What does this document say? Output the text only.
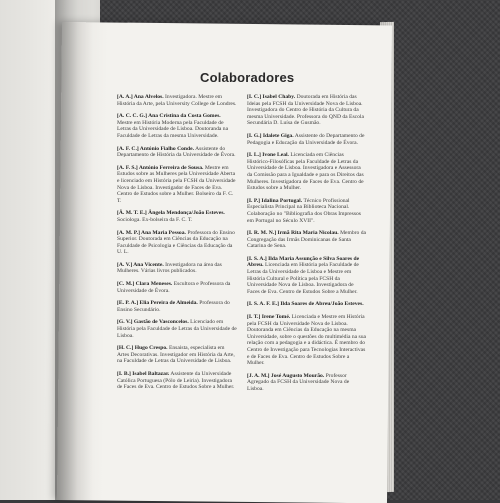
Colaboradores
[A. A.] Ana Alvelos. Investigadora. Mestre em História da Arte, pela University College de Londres.
[A. C. C. G.] Ana Cristina da Costa Gomes. Mestre em História Moderna pela Faculdade de Letras da Universidade de Lisboa. Doutoranda na Faculdade de Letras da mesma Universidade.
[A. F. C.] António Fialho Conde. Assistente do Departamento de História da Universidade de Évora.
[A. F. S.] António Ferreira de Sousa. Mestre em Estudos sobre as Mulheres pela Universidade Aberta e licenciado em História pela FCSH da Universidade Nova de Lisboa. Investigador de Faces de Eva. Centro de Estudos sobre a Mulher. Bolseiro da F. C. T.
[Â. M. T. E.] Ângela Mendonça/João Esteves. Sociologa. Ex-bolseira da F. C. T.
[A. M. P.] Ana Maria Pessoa. Professora do Ensino Superior. Doutorada em Ciências da Educação na Faculdade de Psicologia e Ciências da Educação da U. L.
[A. V.] Ana Vicente. Investigadora na área das Mulheres. Várias livros publicados.
[C. M.] Clara Meneses. Escultora e Professora da Universidade de Évora.
[E. P. A.] Elia Pereira de Almeida. Professora do Ensino Secundário.
[G. V.] Gastão de Vasconcelos. Licenciado em História pela Faculdade de Letras da Universidade de Lisboa.
[H. C.] Hugo Crespo. Ensaista, especialista em Artes Decorativas. Investigador em História da Arte, na Faculdade de Letras da Universidade de Lisboa.
[I. B.] Isabel Baltazar. Assistente da Universidade Católica Portuguesa (Pólo de Leiria). Investigadora de Faces de Eva. Centro de Estudos Sobre a Mulher.
[I. C.] Isabel Chaby. Doutorada em História das Ideias pela FCSH da Universidade Nova de Lisboa. Investigadora do Centro de História da Cultura da mesma Universidade. Professora do QND da Escola Secundária D. Luísa de Gusmão.
[I. G.] Idalete Giga. Assistente do Departamento de Pedagogia e Educação da Universidade de Évora.
[I. L.] Ivone Leal. Licenciada em Ciências Histórico-Filosóficas pela Faculdade de Letras da Universidade de Lisboa. Investigadora e Assessora da Comissão para a Igualdade e para os Direitos das Mulheres. Investigadora de Faces de Eva. Centro de Estudos sobre a Mulher.
[I. P.] Idalina Portugal. Técnico Profissional Especialista Principal na Biblioteca Nacional. Colaboração no "Bibliografia dos Obras Impressos em Portugal no Século XVII".
[I. R. M. N.] Irmã Rita Maria Nicolau. Membro da Congregação das Irmãs Dominicanas de Santa Catarina de Sena.
[I. S. A.] Ilda Maria Assunção e Silva Soares de Abreu. Licenciada em História pela Faculdade de Letras da Universidade de Lisboa e Mestre em História Cultural e Política pela FCSH da Universidade Nova de Lisboa. Investigadora de Faces de Eva. Centro de Estudos Sobre a Mulher.
[I. S. A. F. E.] Ilda Soares de Abreu/João Esteves.
[I. T.] Irene Tomé. Licenciada e Mestre em História pela FCSH da Universidade Nova de Lisboa. Doutoranda em Ciências da Educação na mesma Universidade, sobre o questões do multimédia na sua relação com a pedagogia e a didáctica. É membro do Centro de Investigação para Tecnologias Interactivas e de Faces de Eva. Centro de Estudos Sobre a Mulher.
[J. A. M.] José Augusto Mourão. Professor Agregado da FCSH da Universidade Nova de Lisboa.
